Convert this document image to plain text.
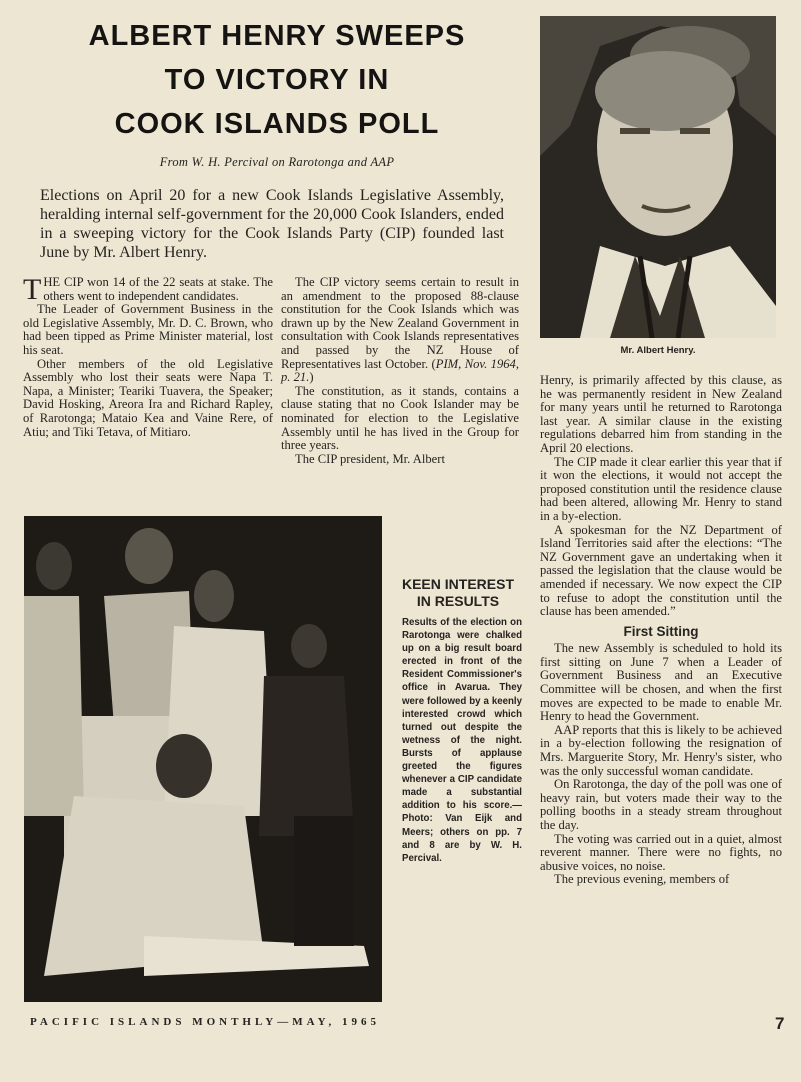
ALBERT HENRY SWEEPS
TO VICTORY IN
COOK ISLANDS POLL
From W. H. Percival on Rarotonga and AAP
Elections on April 20 for a new Cook Islands Legislative Assembly, heralding internal self-government for the 20,000 Cook Islanders, ended in a sweeping victory for the Cook Islands Party (CIP) founded last June by Mr. Albert Henry.

THE CIP won 14 of the 22 seats at stake. The others went to independent candidates.

The Leader of Government Business in the old Legislative Assembly, Mr. D. C. Brown, who had been tipped as Prime Minister material, lost his seat.

Other members of the old Legislative Assembly who lost their seats were Napa T. Napa, a Minister; Teariki Tuavera, the Speaker; David Hosking, Areora Ira and Richard Rapley, of Rarotonga; Mataio Kea and Vaine Rere, of Atiu; and Tiki Tetava, of Mitiaro.

The CIP victory seems certain to result in an amendment to the proposed 88-clause constitution for the Cook Islands which was drawn up by the New Zealand Government in consultation with Cook Islands representatives and passed by the NZ House of Representatives last October. (PIM, Nov. 1964, p. 21.)

The constitution, as it stands, contains a clause stating that no Cook Islander may be nominated for election to the Legislative Assembly until he has lived in the Group for three years.

The CIP president, Mr. Albert

Mr. Albert Henry.
KEEN INTEREST IN RESULTS
Results of the election on Rarotonga were chalked up on a big result board erected in front of the Resident Commissioner's office in Avarua. They were followed by a keenly interested crowd which turned out despite the wetness of the night. Bursts of applause greeted the figures whenever a CIP candidate made a substantial addition to his score.—Photo: Van Eijk and Meers; others on pp. 7 and 8 are by W. H. Percival.

Henry, is primarily affected by this clause, as he was permanently resident in New Zealand for many years until he returned to Rarotonga last year. A similar clause in the existing regulations debarred him from standing in the April 20 elections.

The CIP made it clear earlier this year that if it won the elections, it would not accept the proposed constitution until the residence clause had been altered, allowing Mr. Henry to stand in a by-election.

A spokesman for the NZ Department of Island Territories said after the elections: “The NZ Government gave an undertaking when it passed the legislation that the clause would be amended if necessary. We now expect the CIP to refuse to adopt the constitution until the clause has been amended.”

First Sitting

The new Assembly is scheduled to hold its first sitting on June 7 when a Leader of Government Business and an Executive Committee will be chosen, and when the first moves are expected to be made to enable Mr. Henry to head the Government.

AAP reports that this is likely to be achieved in a by-election following the resignation of Mrs. Marguerite Story, Mr. Henry's sister, who was the only successful woman candidate.

On Rarotonga, the day of the poll was one of heavy rain, but voters made their way to the polling booths in a steady stream throughout the day.

The voting was carried out in a quiet, almost reverent manner. There were no fights, no abusive voices, no noise.

The previous evening, members of

PACIFIC ISLANDS MONTHLY—MAY, 1965	7
